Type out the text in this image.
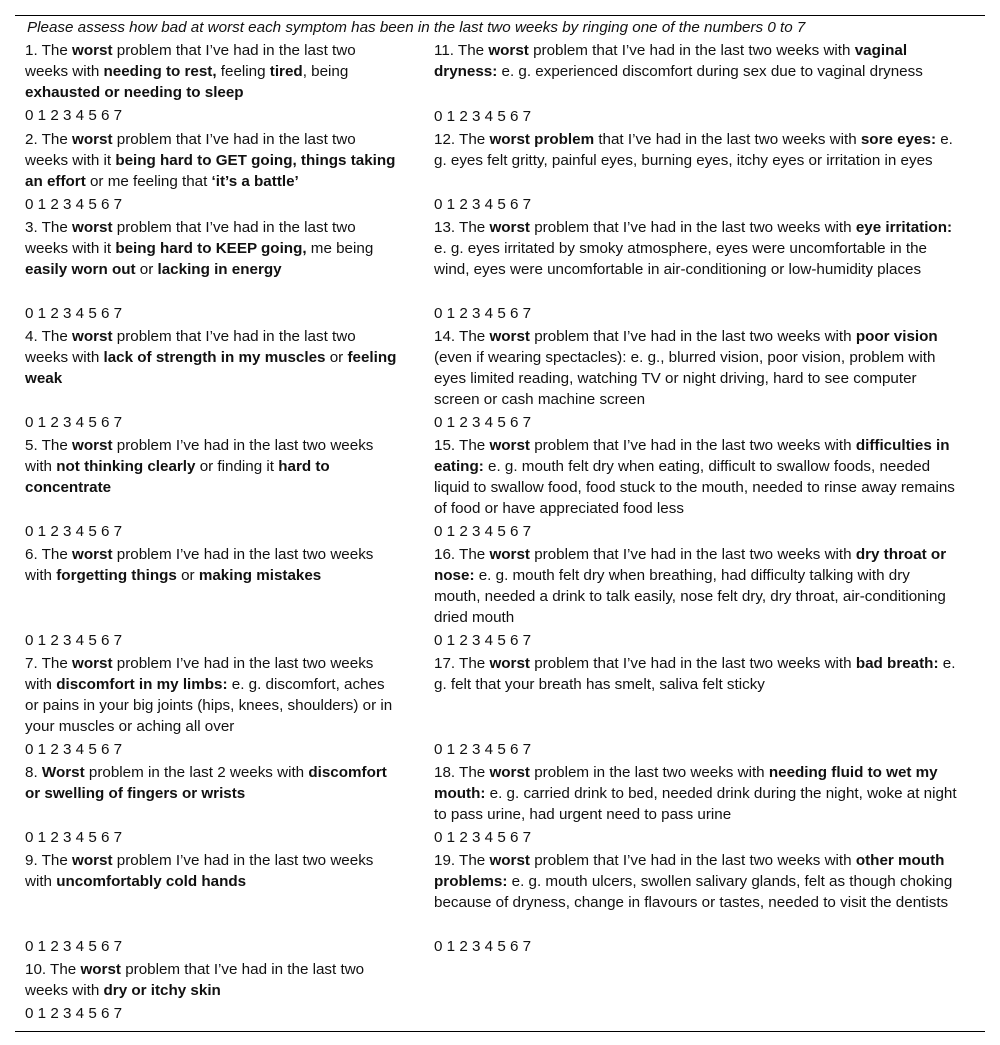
Please assess how bad at worst each symptom has been in the last two weeks by ringing one of the numbers 0 to 7

1. The worst problem that I’ve had in the last two weeks with needing to rest, feeling tired, being exhausted or needing to sleep

0 1 2 3 4 5 6 7

2. The worst problem that I’ve had in the last two weeks with it being hard to GET going, things taking an effort or me feeling that ‘it’s a battle’

0 1 2 3 4 5 6 7

3. The worst problem that I’ve had in the last two weeks with it being hard to KEEP going, me being easily worn out or lacking in energy

0 1 2 3 4 5 6 7

4. The worst problem that I’ve had in the last two weeks with lack of strength in my muscles or feeling weak

0 1 2 3 4 5 6 7

5. The worst problem I’ve had in the last two weeks with not thinking clearly or finding it hard to concentrate

0 1 2 3 4 5 6 7

6. The worst problem I’ve had in the last two weeks with forgetting things or making mistakes

0 1 2 3 4 5 6 7

7. The worst problem I’ve had in the last two weeks with discomfort in my limbs: e. g. discomfort, aches or pains in your big joints (hips, knees, shoulders) or in your muscles or aching all over

0 1 2 3 4 5 6 7

8. Worst problem in the last 2 weeks with discomfort or swelling of fingers or wrists

0 1 2 3 4 5 6 7

9. The worst problem I’ve had in the last two weeks with uncomfortably cold hands

0 1 2 3 4 5 6 7

10. The worst problem that I’ve had in the last two weeks with dry or itchy skin

0 1 2 3 4 5 6 7

11. The worst problem that I’ve had in the last two weeks with vaginal dryness: e. g. experienced discomfort during sex due to vaginal dryness

0 1 2 3 4 5 6 7

12. The worst problem that I’ve had in the last two weeks with sore eyes: e. g. eyes felt gritty, painful eyes, burning eyes, itchy eyes or irritation in eyes

0 1 2 3 4 5 6 7

13. The worst problem that I’ve had in the last two weeks with eye irritation: e. g. eyes irritated by smoky atmosphere, eyes were uncomfortable in the wind, eyes were uncomfortable in air-conditioning or low-humidity places

0 1 2 3 4 5 6 7

14. The worst problem that I’ve had in the last two weeks with poor vision (even if wearing spectacles): e. g., blurred vision, poor vision, problem with eyes limited reading, watching TV or night driving, hard to see computer screen or cash machine screen

0 1 2 3 4 5 6 7

15. The worst problem that I’ve had in the last two weeks with difficulties in eating: e. g. mouth felt dry when eating, difficult to swallow foods, needed liquid to swallow food, food stuck to the mouth, needed to rinse away remains of food or have appreciated food less

0 1 2 3 4 5 6 7

16. The worst problem that I’ve had in the last two weeks with dry throat or nose: e. g. mouth felt dry when breathing, had difficulty talking with dry mouth, needed a drink to talk easily, nose felt dry, dry throat, air-conditioning dried mouth

0 1 2 3 4 5 6 7

17. The worst problem that I’ve had in the last two weeks with bad breath: e. g. felt that your breath has smelt, saliva felt sticky

0 1 2 3 4 5 6 7

18. The worst problem in the last two weeks with needing fluid to wet my mouth: e. g. carried drink to bed, needed drink during the night, woke at night to pass urine, had urgent need to pass urine

0 1 2 3 4 5 6 7

19. The worst problem that I’ve had in the last two weeks with other mouth problems: e. g. mouth ulcers, swollen salivary glands, felt as though choking because of dryness, change in flavours or tastes, needed to visit the dentists

0 1 2 3 4 5 6 7
